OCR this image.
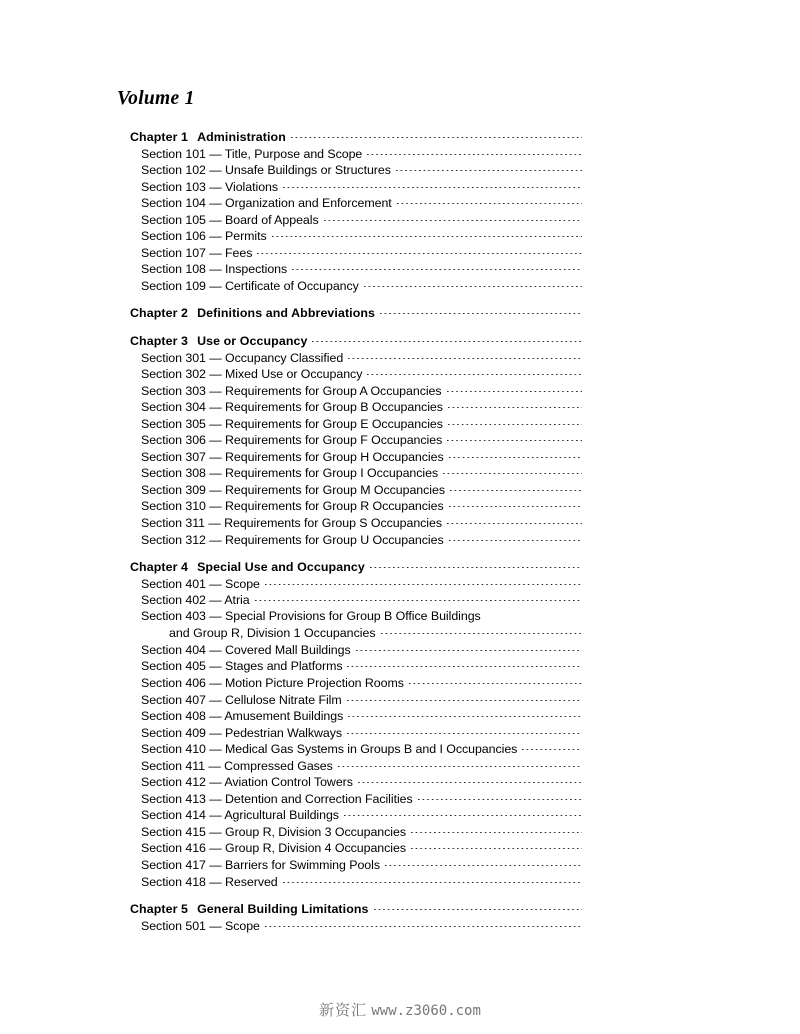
Volume 1
Chapter 1 Administration
Section 101 — Title, Purpose and Scope
Section 102 — Unsafe Buildings or Structures
Section 103 — Violations
Section 104 — Organization and Enforcement
Section 105 — Board of Appeals
Section 106 — Permits
Section 107 — Fees
Section 108 — Inspections
Section 109 — Certificate of Occupancy
Chapter 2 Definitions and Abbreviations
Chapter 3 Use or Occupancy
Section 301 — Occupancy Classified
Section 302 — Mixed Use or Occupancy
Section 303 — Requirements for Group A Occupancies
Section 304 — Requirements for Group B Occupancies
Section 305 — Requirements for Group E Occupancies
Section 306 — Requirements for Group F Occupancies
Section 307 — Requirements for Group H Occupancies
Section 308 — Requirements for Group I Occupancies
Section 309 — Requirements for Group M Occupancies
Section 310 — Requirements for Group R Occupancies
Section 311 — Requirements for Group S Occupancies
Section 312 — Requirements for Group U Occupancies
Chapter 4 Special Use and Occupancy
Section 401 — Scope
Section 402 — Atria
Section 403 — Special Provisions for Group B Office Buildings
and Group R, Division 1 Occupancies
Section 404 — Covered Mall Buildings
Section 405 — Stages and Platforms
Section 406 — Motion Picture Projection Rooms
Section 407 — Cellulose Nitrate Film
Section 408 — Amusement Buildings
Section 409 — Pedestrian Walkways
Section 410 — Medical Gas Systems in Groups B and I Occupancies
Section 411 — Compressed Gases
Section 412 — Aviation Control Towers
Section 413 — Detention and Correction Facilities
Section 414 — Agricultural Buildings
Section 415 — Group R, Division 3 Occupancies
Section 416 — Group R, Division 4 Occupancies
Section 417 — Barriers for Swimming Pools
Section 418 — Reserved
Chapter 5 General Building Limitations
Section 501 — Scope
新资汇 www.z3060.com
